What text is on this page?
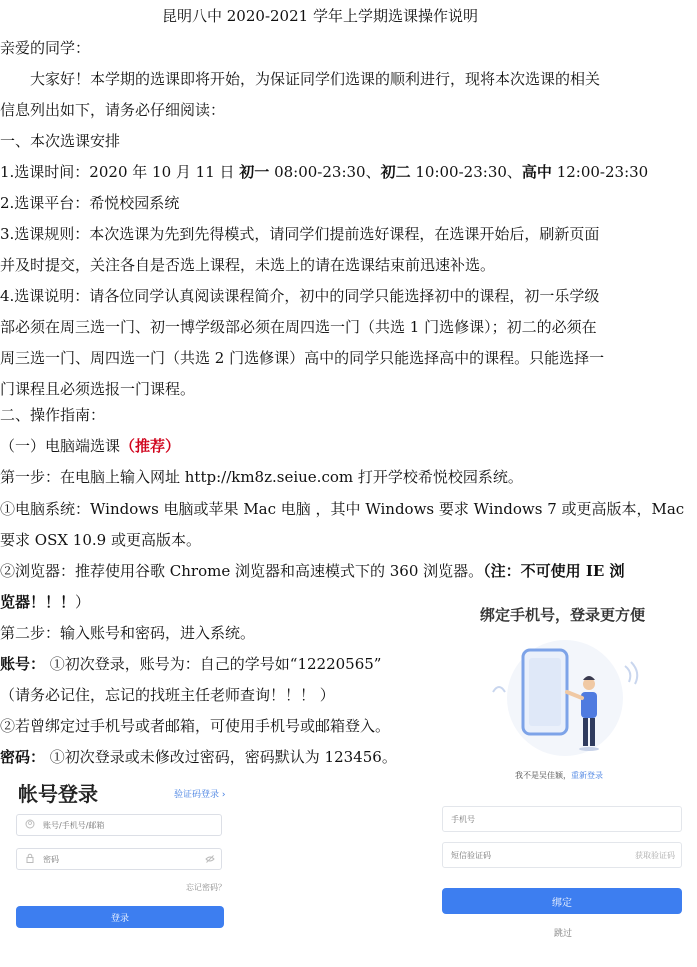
昆明八中 2020-2021 学年上学期选课操作说明
亲爱的同学：
大家好！本学期的选课即将开始，为保证同学们选课的顺利进行，现将本次选课的相关
信息列出如下，请务必仔细阅读：
一、本次选课安排
1.选课时间：2020 年 10 月 11 日 初一 08:00-23:30、初二 10:00-23:30、高中 12:00-23:30
2.选课平台：希悦校园系统
3.选课规则：本次选课为先到先得模式，请同学们提前选好课程，在选课开始后，刷新页面
并及时提交，关注各自是否选上课程，未选上的请在选课结束前迅速补选。
4.选课说明：请各位同学认真阅读课程简介，初中的同学只能选择初中的课程，初一乐学级
部必须在周三选一门、初一博学级部必须在周四选一门（共选 1 门选修课）；初二的必须在
周三选一门、周四选一门（共选 2 门选修课）高中的同学只能选择高中的课程。只能选择一
门课程且必须选报一门课程。
二、操作指南：
（一）电脑端选课（推荐）
第一步：在电脑上输入网址 http://km8z.seiue.com 打开学校希悦校园系统。
①电脑系统：Windows 电脑或苹果 Mac 电脑 ，其中 Windows 要求 Windows 7 或更高版本，Mac
要求 OSX 10.9 或更高版本。
②浏览器：推荐使用谷歌 Chrome 浏览器和高速模式下的 360 浏览器。（注：不可使用 IE 浏
览器！！！）
第二步：输入账号和密码，进入系统。
账号： ①初次登录，账号为：自己的学号如“12220565”
（请务必记住，忘记的找班主任老师查询！！！ ）
②若曾绑定过手机号或者邮箱，可使用手机号或邮箱登入。
密码： ①初次登录或未修改过密码，密码默认为 123456。
帐号登录	验证码登录 ›
账号/手机号/邮箱
密码
忘记密码？
登录
绑定手机号，登录更方便
我不是吴佳颖，重新登录
手机号
短信验证码
获取验证码
绑定
跳过
